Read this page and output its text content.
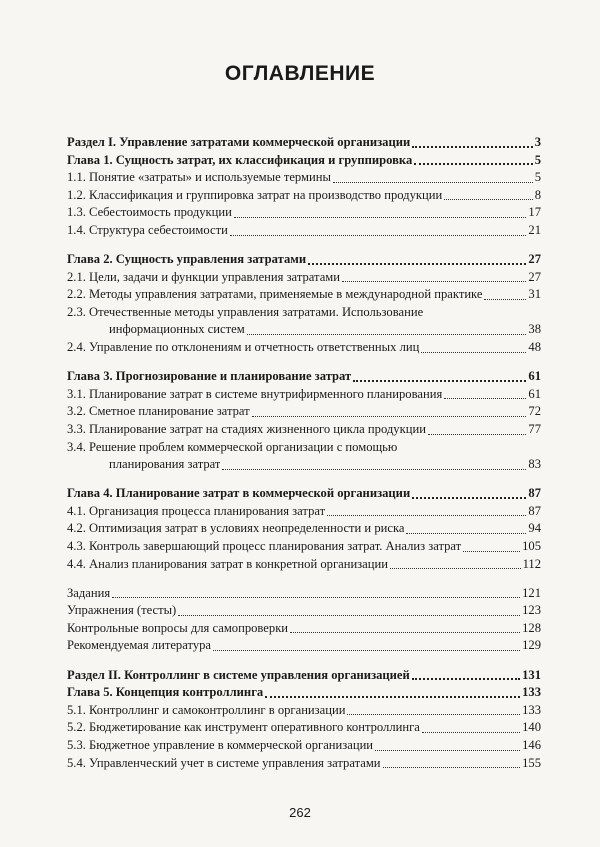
ОГЛАВЛЕНИЕ
Раздел I. Управление затратами коммерческой организации	3
Глава 1. Сущность затрат, их классификация и группировка	5
1.1. Понятие «затраты» и используемые термины	5
1.2. Классификация и группировка затрат на производство продукции	8
1.3. Себестоимость продукции	17
1.4. Структура себестоимости	21
Глава 2. Сущность управления затратами	27
2.1. Цели, задачи и функции управления затратами	27
2.2. Методы управления затратами, применяемые в международной практике	31
2.3. Отечественные методы управления затратами. Использование
информационных систем	38
2.4. Управление по отклонениям и отчетность ответственных лиц	48
Глава 3. Прогнозирование и планирование затрат	61
3.1. Планирование затрат в системе внутрифирменного планирования	61
3.2. Сметное планирование затрат	72
3.3. Планирование затрат на стадиях жизненного цикла продукции	77
3.4. Решение проблем коммерческой организации с помощью
планирования затрат	83
Глава 4. Планирование затрат в коммерческой организации	87
4.1. Организация процесса планирования затрат	87
4.2. Оптимизация затрат в условиях неопределенности и риска	94
4.3. Контроль завершающий процесс планирования затрат. Анализ затрат	105
4.4. Анализ планирования затрат в конкретной организации	112
Задания	121
Упражнения (тесты)	123
Контрольные вопросы для самопроверки	128
Рекомендуемая литература	129
Раздел II. Контроллинг в системе управления организацией	131
Глава 5. Концепция контроллинга	133
5.1. Контроллинг и самоконтроллинг в организации	133
5.2. Бюджетирование как инструмент оперативного контроллинга	140
5.3. Бюджетное управление в коммерческой организации	146
5.4. Управленческий учет в системе управления затратами	155
262
